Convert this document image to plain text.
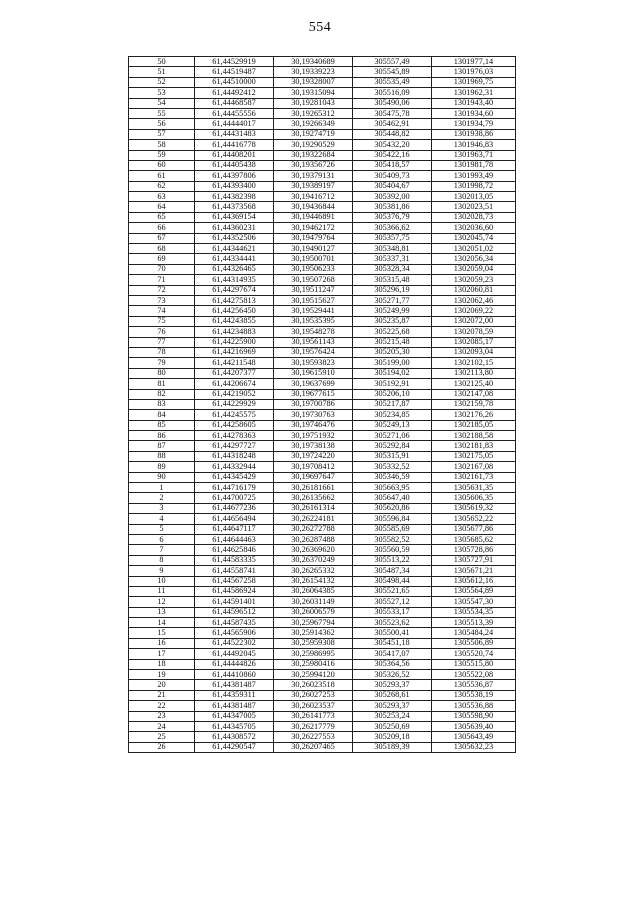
554
50	61,44529919	30,19340689	305557,49	1301977,14
51	61,44519487	30,19339223	305545,89	1301976,03
52	61,44510000	30,19328007	305535,49	1301969,75
53	61,44492412	30,19315094	305516,09	1301962,31
54	61,44468587	30,19281043	305490,06	1301943,40
55	61,44455556	30,19265312	305475,78	1301934,60
56	61,44444017	30,19266349	305462,91	1301934,79
57	61,44431483	30,19274719	305448,82	1301938,86
58	61,44416778	30,19290529	305432,20	1301946,83
59	61,44408201	30,19322684	305422,16	1301963,71
60	61,44405438	30,19356726	305418,57	1301981,78
61	61,44397806	30,19379131	305409,73	1301993,49
62	61,44393400	30,19389197	305404,67	1301998,72
63	61,44382398	30,19416712	305392,00	1302013,05
64	61,44373568	30,19436844	305381,86	1302023,51
65	61,44369154	30,19446891	305376,79	1302028,73
66	61,44360231	30,19462172	305366,62	1302036,60
67	61,44352506	30,19479764	305357,75	1302045,74
68	61,44344621	30,19490127	305348,81	1302051,02
69	61,44334441	30,19500701	305337,31	1302056,34
70	61,44326465	30,19506233	305328,34	1302059,04
71	61,44314935	30,19507268	305315,48	1302059,23
72	61,44297674	30,19511247	305296,19	1302060,81
73	61,44275813	30,19515627	305271,77	1302062,46
74	61,44256450	30,19529441	305249,99	1302069,22
75	61,44243855	30,19535395	305235,87	1302072,00
76	61,44234883	30,19548278	305225,68	1302078,59
77	61,44225900	30,19561143	305215,48	1302085,17
78	61,44216969	30,19576424	305205,30	1302093,04
79	61,44211548	30,19593823	305199,00	1302102,15
80	61,44207377	30,19615910	305194,02	1302113,80
81	61,44206674	30,19637699	305192,91	1302125,40
82	61,44219052	30,19677615	305206,10	1302147,08
83	61,44229929	30,19700786	305217,87	1302159,78
84	61,44245575	30,19730763	305234,85	1302176,26
85	61,44258605	30,19746476	305249,13	1302185,05
86	61,44278363	30,19751932	305271,06	1302188,58
87	61,44297727	30,19738138	305292,84	1302181,83
88	61,44318248	30,19724220	305315,91	1302175,05
89	61,44332944	30,19708412	305332,52	1302167,08
90	61,44345429	30,19697647	305346,59	1302161,73
1	61,44716179	30,26181661	305663,95	1305631,35
2	61,44700725	30,26135662	305647,40	1305606,35
3	61,44677236	30,26161314	305620,86	1305619,32
4	61,44656494	30,26224181	305596,84	1305652,22
5	61,44647117	30,26272788	305585,69	1305677,86
6	61,44644463	30,26287488	305582,52	1305685,62
7	61,44625846	30,26369620	305560,59	1305728,86
8	61,44583335	30,26370249	305513,22	1305727,91
9	61,44558741	30,26265332	305487,34	1305671,21
10	61,44567258	30,26154132	305498,44	1305612,16
11	61,44586924	30,26064385	305521,65	1305564,89
12	61,44591401	30,26031149	305527,12	1305547,30
13	61,44596512	30,26006579	305533,17	1305534,35
14	61,44587435	30,25967794	305523,62	1305513,39
15	61,44565906	30,25914362	305500,41	1305484,24
16	61,44522302	30,25959308	305451,18	1305506,89
17	61,44492045	30,25986995	305417,07	1305520,74
18	61,44444826	30,25980416	305364,56	1305515,80
19	61,44410860	30,25994120	305326,52	1305522,08
20	61,44381487	30,26023518	305293,37	1305536,87
21	61,44359311	30,26027253	305268,61	1305538,19
22	61,44381487	30,26023537	305293,37	1305536,88
23	61,44347005	30,26141773	305253,24	1305598,90
24	61,44345705	30,26217779	305250,69	1305639,40
25	61,44308572	30,26227553	305209,18	1305643,49
26	61,44290547	30,26207465	305189,39	1305632,23
